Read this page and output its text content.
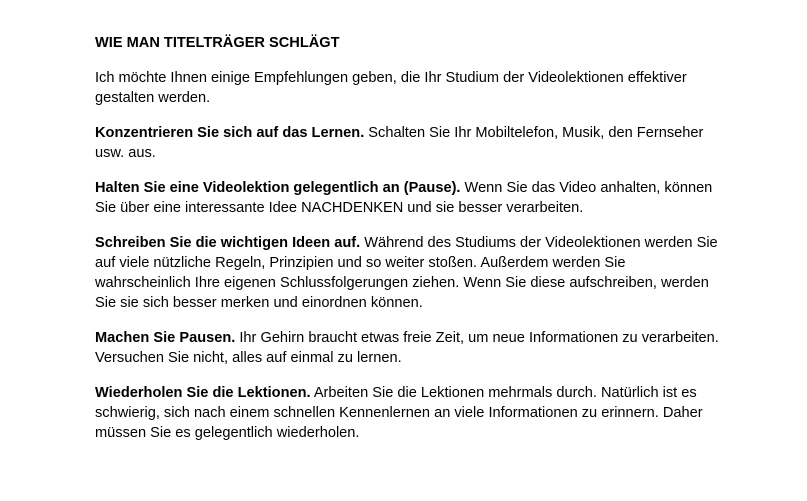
WIE MAN TITELTRÄGER SCHLÄGT

Ich möchte Ihnen einige Empfehlungen geben, die Ihr Studium der Videolektionen effektiver gestalten werden.

Konzentrieren Sie sich auf das Lernen. Schalten Sie Ihr Mobiltelefon, Musik, den Fernseher usw. aus.

Halten Sie eine Videolektion gelegentlich an (Pause). Wenn Sie das Video anhalten, können Sie über eine interessante Idee NACHDENKEN und sie besser verarbeiten.

Schreiben Sie die wichtigen Ideen auf. Während des Studiums der Videolektionen werden Sie auf viele nützliche Regeln, Prinzipien und so weiter stoßen. Außerdem werden Sie wahrscheinlich Ihre eigenen Schlussfolgerungen ziehen. Wenn Sie diese aufschreiben, werden Sie sie sich besser merken und einordnen können.

Machen Sie Pausen. Ihr Gehirn braucht etwas freie Zeit, um neue Informationen zu verarbeiten. Versuchen Sie nicht, alles auf einmal zu lernen.

Wiederholen Sie die Lektionen. Arbeiten Sie die Lektionen mehrmals durch. Natürlich ist es schwierig, sich nach einem schnellen Kennenlernen an viele Informationen zu erinnern. Daher müssen Sie es gelegentlich wiederholen.
